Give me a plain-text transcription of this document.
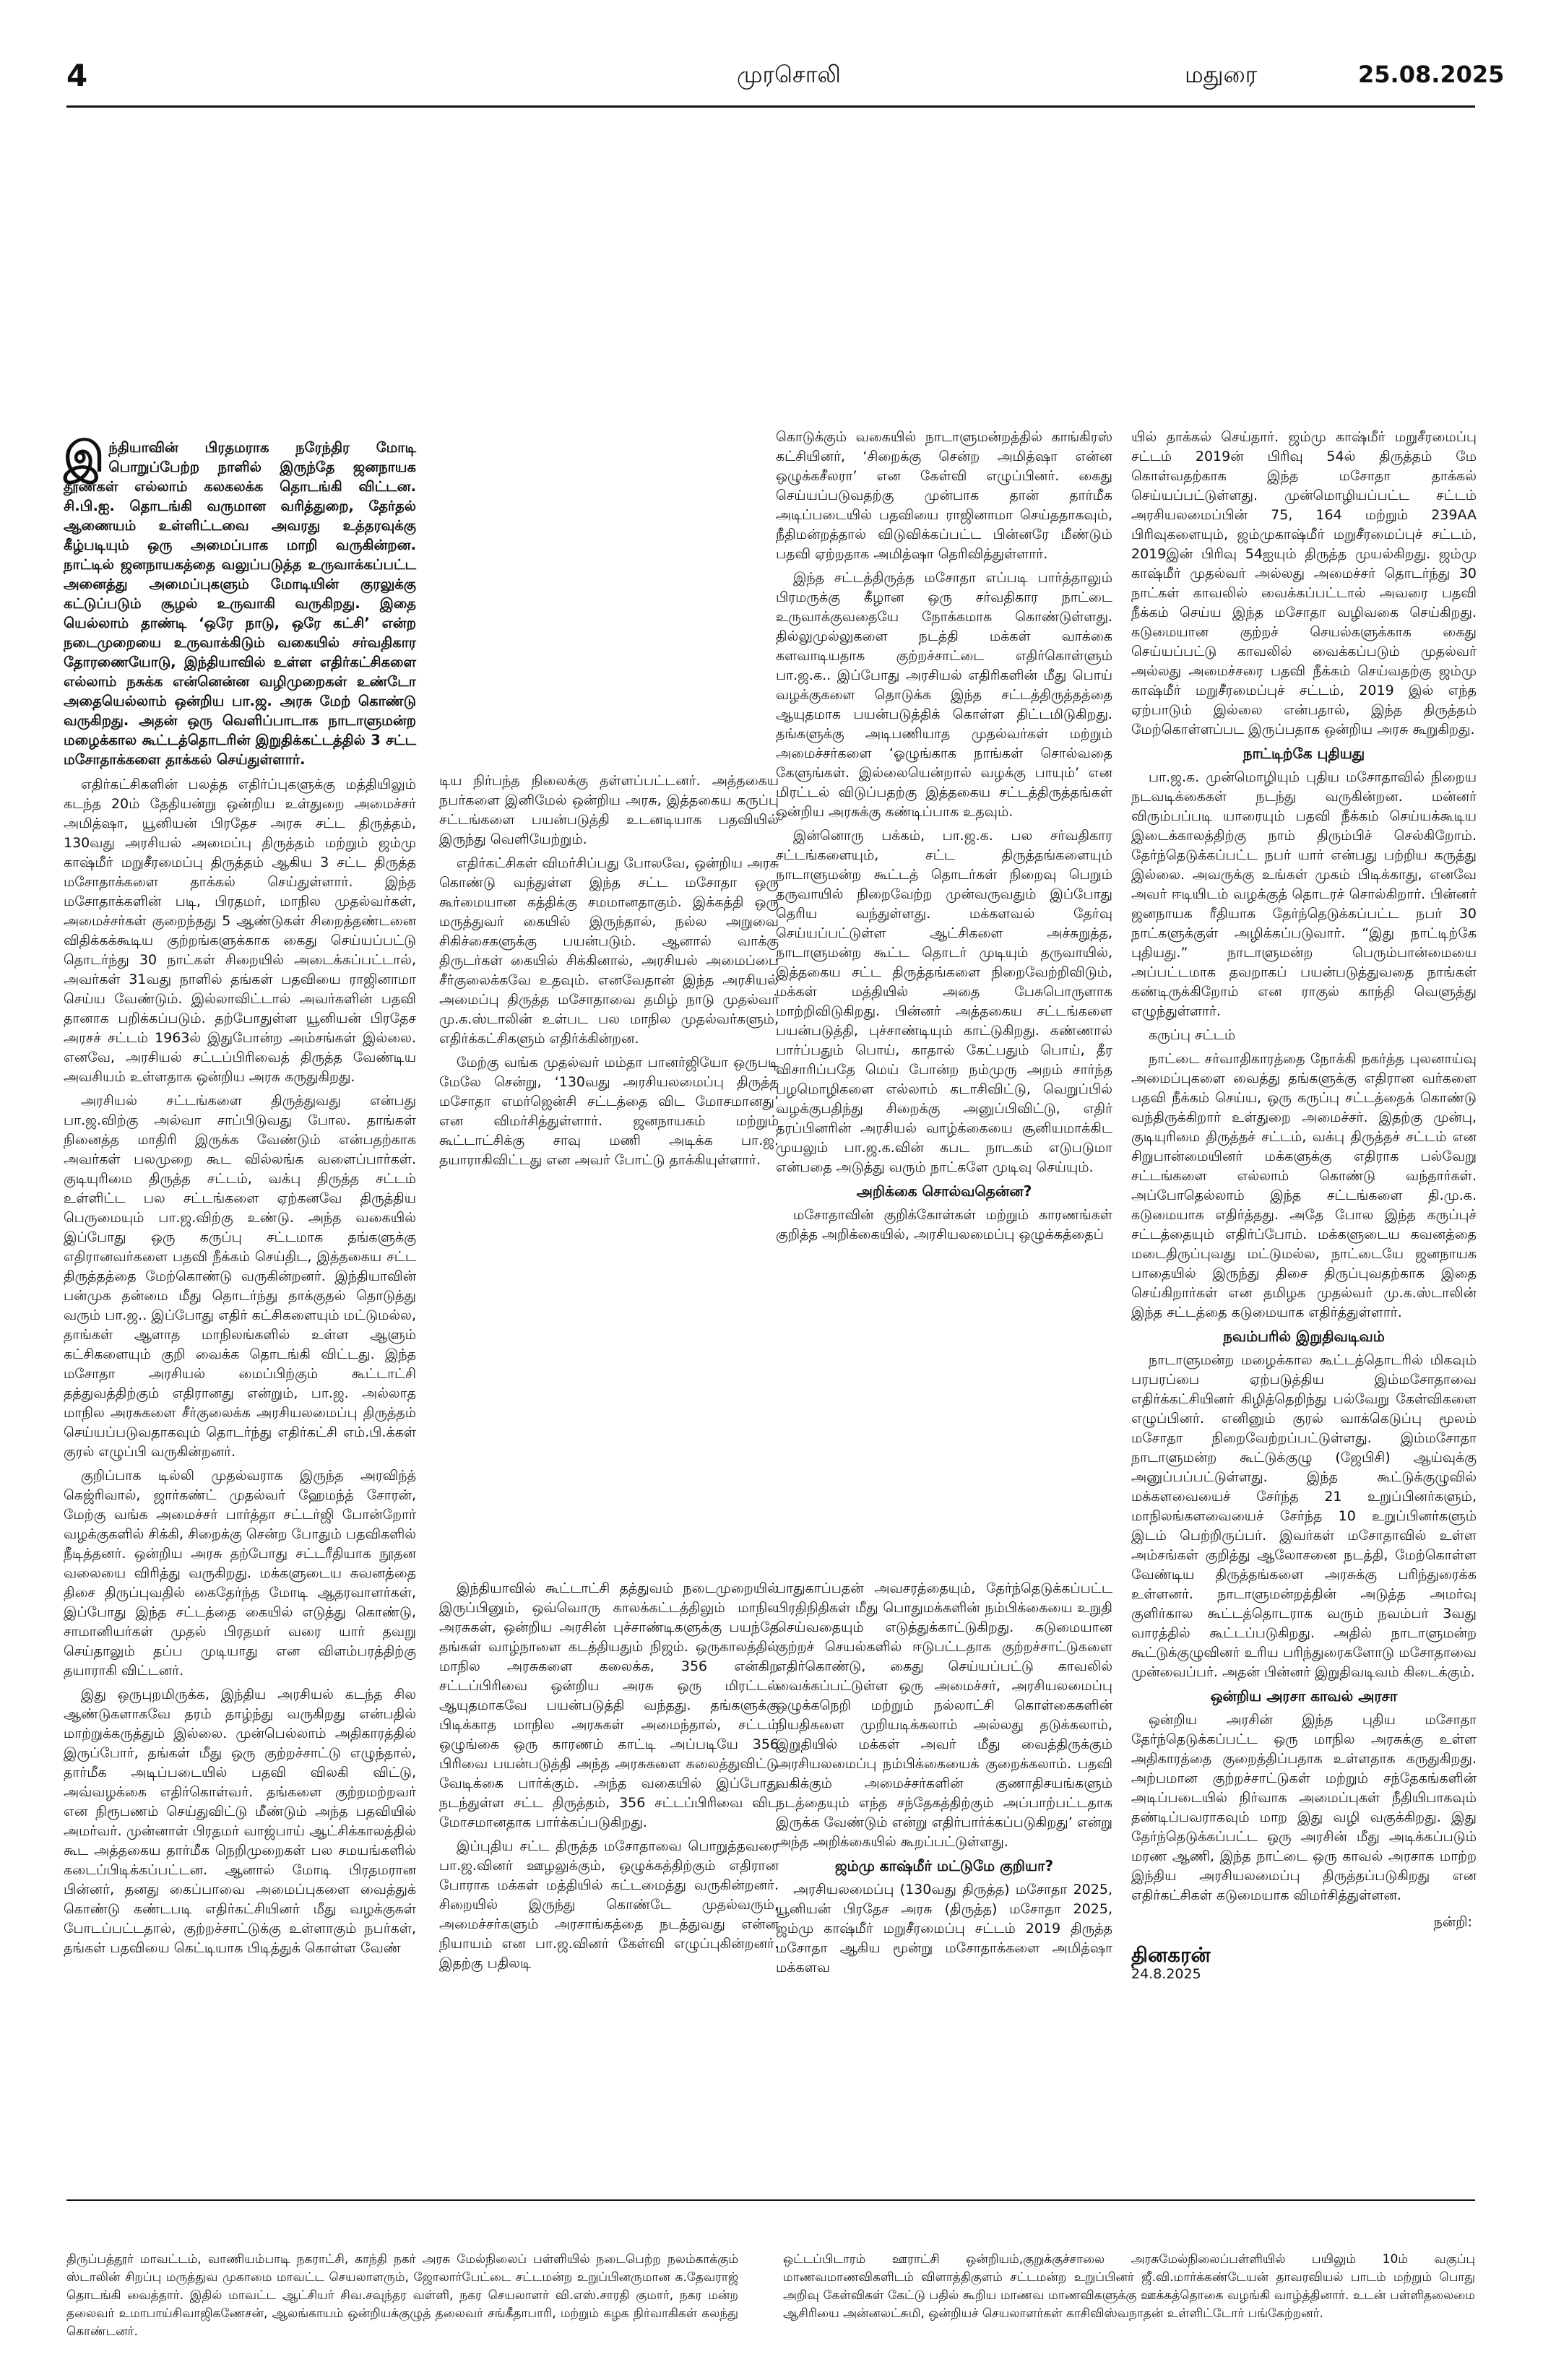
4	முரசொலி	மதுரை	25.08.2025
இந்தியாவின் பிரதமராக நரேந்திர மோடி பொறுப்பேற்ற நாளில் இருந்தே ஜனநாயக தூண்கள் எல்லாம் கலகலக்க தொடங்கி விட்டன. சி.பி.ஐ. தொடங்கி வருமான வரித்துறை, தேர்தல் ஆணையம் உள்ளிட்டவை அவரது உத்தரவுக்கு கீழ்படியும் ஒரு அமைப்பாக மாறி வருகின்றன. நாட்டில் ஜனநாயகத்தை வலுப்படுத்த உருவாக்கப்பட்ட அனைத்து அமைப்புகளும் மோடியின் குரலுக்கு கட்டுப்படும் சூழல் உருவாகி வருகிறது. இதை யெல்லாம் தாண்டி ‘ஒரே நாடு, ஒரே கட்சி’ என்ற நடைமுறையை உருவாக்கிடும் வகையில் சர்வதிகார தோரணையோடு, இந்தியாவில் உள்ள எதிர்கட்சிகளை எல்லாம் நசுக்க என்னென்ன வழிமுறைகள் உண்டோ அதையெல்லாம் ஒன்றிய பா.ஜ. அரசு மேற் கொண்டு வருகிறது. அதன் ஒரு வெளிப்பாடாக நாடாளுமன்ற மழைக்கால கூட்டத்தொடரின் இறுதிக்கட்டத்தில் 3 சட்ட மசோதாக்களை தாக்கல் செய்துள்ளார்.

எதிர்கட்சிகளின் பலத்த எதிர்ப்புகளுக்கு மத்தியிலும் கடந்த 20ம் தேதியன்று ஒன்றிய உள்துறை அமைச்சர் அமித்ஷா, யூனியன் பிரதேச அரசு சட்ட திருத்தம், 130வது அரசியல் அமைப்பு திருத்தம் மற்றும் ஜம்மு காஷ்மீர் மறுசீரமைப்பு திருத்தம் ஆகிய 3 சட்ட திருத்த மசோதாக்களை தாக்கல் செய்துள்ளார். இந்த மசோதாக்களின் படி, பிரதமர், மாநில முதல்வர்கள், அமைச்சர்கள் குறைந்தது 5 ஆண்டுகள் சிறைத்தண்டனை விதிக்கக்கூடிய குற்றங்களுக்காக கைது செய்யப்பட்டு தொடர்ந்து 30 நாட்கள் சிறையில் அடைக்கப்பட்டால், அவர்கள் 31வது நாளில் தங்கள் பதவியை ராஜினாமா செய்ய வேண்டும். இல்லாவிட்டால் அவர்களின் பதவி தானாக பறிக்கப்படும். தற்போதுள்ள யூனியன் பிரதேச அரசச் சட்டம் 1963ல் இதுபோன்ற அம்சங்கள் இல்லை. எனவே, அரசியல் சட்டப்பிரிவைத் திருத்த வேண்டிய அவசியம் உள்ளதாக ஒன்றிய அரசு கருதுகிறது.

அரசியல் சட்டங்களை திருத்துவது என்பது பா.ஜ.விற்கு அல்வா சாப்பிடுவது போல. தாங்கள் நினைத்த மாதிரி இருக்க வேண்டும் என்பதற்காக அவர்கள் பலமுறை கூட வில்லங்க வளைப்பார்கள். குடியுரிமை திருத்த சட்டம், வக்பு திருத்த சட்டம் உள்ளிட்ட பல சட்டங்களை ஏற்கனவே திருத்திய பெருமையும் பா.ஜ.விற்கு உண்டு. அந்த வகையில் இப்போது ஒரு கருப்பு சட்டமாக தங்களுக்கு எதிரானவர்களை பதவி நீக்கம் செய்திட, இத்தகைய சட்ட திருத்தத்தை மேற்கொண்டு வருகின்றனர். இந்தியாவின் பன்முக தன்மை மீது தொடர்ந்து தாக்குதல் தொடுத்து வரும் பா.ஜ.. இப்போது எதிர் கட்சிகளையும் மட்டுமல்ல, தாங்கள் ஆளாத மாநிலங்களில் உள்ள ஆளும் கட்சிகளையும் குறி வைக்க தொடங்கி விட்டது. இந்த மசோதா அரசியல் மைப்பிற்கும் கூட்டாட்சி தத்துவத்திற்கும் எதிரானது என்றும், பா.ஜ. அல்லாத மாநில அரசுகளை சீர்குலைக்க அரசியலமைப்பு திருத்தம் செய்யப்படுவதாகவும் தொடர்ந்து எதிர்கட்சி எம்.பி.க்கள் குரல் எழுப்பி வருகின்றனர்.

குறிப்பாக டில்லி முதல்வராக இருந்த அரவிந்த் கெஜ்ரிவால், ஜார்கண்ட் முதல்வர் ஹேமந்த் சோரன், மேற்கு வங்க அமைச்சர் பார்த்தா சட்டர்ஜி போன்றோர் வழக்குகளில் சிக்கி, சிறைக்கு சென்ற போதும் பதவிகளில் நீடித்தனர். ஒன்றிய அரசு தற்போது சட்டரீதியாக நூதன வலையை விரித்து வருகிறது. மக்களுடைய கவனத்தை திசை திருப்புவதில் கைதேர்ந்த மோடி ஆதரவாளர்கள், இப்போது இந்த சட்டத்தை கையில் எடுத்து கொண்டு, சாமானியர்கள் முதல் பிரதமர் வரை யார் தவறு செய்தாலும் தப்ப முடியாது என விளம்பரத்திற்கு தயாராகி விட்டனர்.

இது ஒருபுறமிருக்க, இந்திய அரசியல் கடந்த சில ஆண்டுகளாகவே தரம் தாழ்ந்து வருகிறது என்பதில் மாற்றுக்கருத்தும் இல்லை. முன்பெல்லாம் அதிகாரத்தில் இருப்போர், தங்கள் மீது ஒரு குற்றச்சாட்டு எழுந்தால், தார்மீக அடிப்படையில் பதவி விலகி விட்டு, அவ்வழக்கை எதிர்கொள்வர். தங்களை குற்றமற்றவர் என நிரூபணம் செய்துவிட்டு மீண்டும் அந்த பதவியில் அமர்வர். முன்னாள் பிரதமர் வாஜ்பாய் ஆட்சிக்காலத்தில் கூட அத்தகைய தார்மீக நெறிமுறைகள் பல சமயங்களில் கடைப்பிடிக்கப்பட்டன. ஆனால் மோடி பிரதமரான பின்னர், தனது கைப்பாவை அமைப்புகளை வைத்துக் கொண்டு கண்டபடி எதிர்கட்சியினர் மீது வழக்குகள் போடப்பட்டதால், குற்றச்சாட்டுக்கு உள்ளாகும் நபர்கள், தங்கள் பதவியை கெட்டியாக பிடித்துக் கொள்ள வேண்

டிய நிர்பந்த நிலைக்கு தள்ளப்பட்டனர். அத்தகைய நபர்களை இனிமேல் ஒன்றிய அரசு, இத்தகைய கருப்பு சட்டங்களை பயன்படுத்தி உடனடியாக பதவியில் இருந்து வெளியேற்றும்.

எதிர்கட்சிகள் விமர்சிப்பது போலவே, ஒன்றிய அரசு கொண்டு வந்துள்ள இந்த சட்ட மசோதா ஒரு கூர்மையான கத்திக்கு சமமானதாகும். இக்கத்தி ஒரு மருத்துவர் கையில் இருந்தால், நல்ல அறுவை சிகிச்சைகளுக்கு பயன்படும். ஆனால் வாக்கு திருடர்கள் கையில் சிக்கினால், அரசியல் அமைப்பை சீர்குலைக்கவே உதவும். எனவேதான் இந்த அரசியல் அமைப்பு திருத்த மசோதாவை தமிழ் நாடு முதல்வர் மு.க.ஸ்டாலின் உள்பட பல மாநில முதல்வர்களும், எதிர்க்கட்சிகளும் எதிர்க்கின்றன.

மேற்கு வங்க முதல்வர் மம்தா பானர்ஜியோ ஒருபடி மேலே சென்று, ‘130வது அரசியலமைப்பு திருத்த மசோதா எமர்ஜென்சி சட்டத்தை விட மோசமானது’ என விமர்சித்துள்ளார். ஜனநாயகம் மற்றும் கூட்டாட்சிக்கு சாவு மணி அடிக்க பா.ஜ. தயாராகிவிட்டது என அவர் போட்டு தாக்கியுள்ளார்.

இந்தியாவில் கூட்டாட்சி தத்துவம் நடைமுறையில் இருப்பினும், ஒவ்வொரு காலக்கட்டத்திலும் மாநில அரசுகள், ஒன்றிய அரசின் புச்சாண்டிகளுக்கு பயந்தே தங்கள் வாழ்நாளை கடத்தியதும் நிஜம். ஒருகாலத்தில் மாநில அரசுகளை கலைக்க, 356 என்கிற சட்டப்பிரிவை ஒன்றிய அரசு ஒரு மிரட்டல் ஆயுதமாகவே பயன்படுத்தி வந்தது. தங்களுக்கு பிடிக்காத மாநில அரசுகள் அமைந்தால், சட்டம் ஒழுங்கை ஒரு காரணம் காட்டி அப்படியே 356 பிரிவை பயன்படுத்தி அந்த அரசுகளை கலைத்துவிட்டு வேடிக்கை பார்க்கும். அந்த வகையில் இப்போது நடந்துள்ள சட்ட திருத்தம், 356 சட்டப்பிரிவை விட மோசமானதாக பார்க்கப்படுகிறது.

இப்புதிய சட்ட திருத்த மசோதாவை பொறுத்தவரை பா.ஜ.வினர் ஊழலுக்கும், ஒழுக்கத்திற்கும் எதிரான போராக மக்கள் மத்தியில் கட்டமைத்து வருகின்றனர். சிறையில் இருந்து கொண்டே முதல்வரும், அமைச்சர்களும் அரசாங்கத்தை நடத்துவது என்ன நியாயம் என பா.ஜ.வினர் கேள்வி எழுப்புகின்றனர். இதற்கு பதிலடி

கொடுக்கும் வகையில் நாடாளுமன்றத்தில் காங்கிரஸ் கட்சியினர், ‘சிறைக்கு சென்ற அமித்ஷா என்ன ஒழுக்கசீலரா’ என கேள்வி எழுப்பினர். கைது செய்யப்படுவதற்கு முன்பாக தான் தார்மீக அடிப்படையில் பதவியை ராஜினாமா செய்ததாகவும், நீதிமன்றத்தால் விடுவிக்கப்பட்ட பின்னரே மீண்டும் பதவி ஏற்றதாக அமித்ஷா தெரிவித்துள்ளார்.

இந்த சட்டத்திருத்த மசோதா எப்படி பார்த்தாலும் பிரமருக்கு கீழான ஒரு சர்வதிகார நாட்டை உருவாக்குவதையே நோக்கமாக கொண்டுள்ளது. தில்லுமுல்லுகளை நடத்தி மக்கள் வாக்கை களவாடியதாக குற்றச்சாட்டை எதிர்கொள்ளும் பா.ஜ.க.. இப்போது அரசியல் எதிரிகளின் மீது பொய் வழக்குகளை தொடுக்க இந்த சட்டத்திருத்தத்தை ஆயுதமாக பயன்படுத்திக் கொள்ள திட்டமிடுகிறது. தங்களுக்கு அடிபணியாத முதல்வர்கள் மற்றும் அமைச்சர்களை ‘ஓழுங்காக நாங்கள் சொல்வதை கேளுங்கள். இல்லையென்றால் வழக்கு பாயும்’ என மிரட்டல் விடுப்பதற்கு இத்தகைய சட்டத்திருத்தங்கள் ஒன்றிய அரசுக்கு கண்டிப்பாக உதவும்.

இன்னொரு பக்கம், பா.ஜ.க. பல சர்வதிகார சட்டங்களையும், சட்ட திருத்தங்களையும் நாடாளுமன்ற கூட்டத் தொடர்கள் நிறைவு பெறும் தருவாயில் நிறைவேற்ற முன்வருவதும் இப்போது தெரிய வந்துள்ளது. மக்களவல் தேர்வு செய்யப்பட்டுள்ள ஆட்சிகளை அச்சுறுத்த, நாடாளுமன்ற கூட்ட தொடர் முடியும் தருவாயில், இத்தகைய சட்ட திருத்தங்களை நிறைவேற்றிவிடும், மக்கள் மத்தியில் அதை பேசுபொருளாக மாற்றிவிடுகிறது. பின்னர் அத்தகைய சட்டங்களை பயன்படுத்தி, புச்சாண்டியும் காட்டுகிறது. கண்ணால் பார்ப்பதும் பொய், காதால் கேட்பதும் பொய், தீர விசாரிப்பதே மெய் போன்ற நம்முரு அறம் சார்ந்த பழமொழிகளை எல்லாம் கடாசிவிட்டு, வெறுப்பில் வழக்குபதிந்து சிறைக்கு அனுப்பிவிட்டு, எதிர் தரப்பினரின் அரசியல் வாழ்க்கையை சூனியமாக்கிட முயலும் பா.ஜ.க.வின் கபட நாடகம் எடுபடுமா என்பதை அடுத்து வரும் நாட்களே முடிவு செய்யும்.

அறிக்கை சொல்வதென்ன?

மசோதாவின் குறிக்கோள்கள் மற்றும் காரணங்கள் குறித்த அறிக்கையில், அரசியலமைப்பு ஒழுக்கத்தைப்

பாதுகாப்பதன் அவசரத்தையும், தேர்ந்தெடுக்கப்பட்ட பிரதிநிதிகள் மீது பொதுமக்களின் நம்பிக்கையை உறுதி செய்வதையும் எடுத்துக்காட்டுகிறது. கடுமையான குற்றச் செயல்களில் ஈடுபட்டதாக குற்றச்சாட்டுகளை எதிர்கொண்டு, கைது செய்யப்பட்டு காவலில் வைக்கப்பட்டுள்ள ஒரு அமைச்சர், அரசியலமைப்பு ஒழுக்கநெறி மற்றும் நல்லாட்சி கொள்கைகளின் நியதிகளை முறியடிக்கலாம் அல்லது தடுக்கலாம், இறுதியில் மக்கள் அவர் மீது வைத்திருக்கும் அரசியலமைப்பு நம்பிக்கையைக் குறைக்கலாம். பதவி வகிக்கும் அமைச்சர்களின் குணாதிசயங்களும் நடத்தையும் எந்த சந்தேகத்திற்கும் அப்பாற்பட்டதாக இருக்க வேண்டும் என்று எதிர்பார்க்கப்படுகிறது’ என்று அந்த அறிக்கையில் கூறப்பட்டுள்ளது.

ஜம்மு காஷ்மீர் மட்டுமே குறியா?

அரசியலமைப்பு (130வது திருத்த) மசோதா 2025, யூனியன் பிரதேச அரசு (திருத்த) மசோதா 2025, ஜம்மு காஷ்மீர் மறுசீரமைப்பு சட்டம் 2019 திருத்த மசோதா ஆகிய மூன்று மசோதாக்களை அமித்ஷா மக்களவ

யில் தாக்கல் செய்தார். ஜம்மு காஷ்மீர் மறுசீரமைப்பு சட்டம் 2019ன் பிரிவு 54ல் திருத்தம் மே கொள்வதற்காக இந்த மசோதா தாக்கல் செய்யப்பட்டுள்ளது. முன்மொழியப்பட்ட சட்டம் அரசியலமைப்பின் 75, 164 மற்றும் 239AA பிரிவுகளையும், ஜம்முகாஷ்மீர் மறுசீரமைப்புச் சட்டம், 2019இன் பிரிவு 54ஐயும் திருத்த முயல்கிறது. ஜம்மு காஷ்மீர் முதல்வர் அல்லது அமைச்சர் தொடர்ந்து 30 நாட்கள் காவலில் வைக்கப்பட்டால் அவரை பதவி நீக்கம் செய்ய இந்த மசோதா வழிவகை செய்கிறது. கடுமையான குற்றச் செயல்களுக்காக கைது செய்யப்பட்டு காவலில் வைக்கப்படும் முதல்வர் அல்லது அமைச்சரை பதவி நீக்கம் செய்வதற்கு ஜம்மு காஷ்மீர் மறுசீரமைப்புச் சட்டம், 2019 இல் எந்த ஏற்பாடும் இல்லை என்பதால், இந்த திருத்தம் மேற்கொள்ளப்பட இருப்பதாக ஒன்றிய அரசு கூறுகிறது.

நாட்டிற்கே புதியது

பா.ஜ.க. முன்மொழியும் புதிய மசோதாவில் நிறைய நடவடிக்கைகள் நடந்து வருகின்றன. மன்னர் விரும்பப்படி யாரையும் பதவி நீக்கம் செய்யக்கூடிய இடைக்காலத்திற்கு நாம் திரும்பிச் செல்கிறோம். தேர்ந்தெடுக்கப்பட்ட நபர் யார் என்பது பற்றிய கருத்து இல்லை. அவருக்கு உங்கள் முகம் பிடிக்காது, எனவே அவர் ஈடியிடம் வழக்குத் தொடரச் சொல்கிறார். பின்னர் ஜனநாயக ரீதியாக தேர்ந்தெடுக்கப்பட்ட நபர் 30 நாட்களுக்குள் அழிக்கப்படுவார். “இது நாட்டிற்கே புதியது.” நாடாளுமன்ற பெரும்பான்மையை அப்பட்டமாக தவறாகப் பயன்படுத்துவதை நாங்கள் கண்டிருக்கிறோம் என ராகுல் காந்தி வெளுத்து எழுந்துள்ளார்.

கருப்பு சட்டம்

நாட்டை சர்வாதிகாரத்தை நோக்கி நகர்த்த புலனாய்வு அமைப்புகளை வைத்து தங்களுக்கு எதிரான வர்களை பதவி நீக்கம் செய்ய, ஒரு கருப்பு சட்டத்தைக் கொண்டு வந்திருக்கிறார் உள்துறை அமைச்சர். இதற்கு முன்பு, குடியுரிமை திருத்தச் சட்டம், வக்பு திருத்தச் சட்டம் என சிறுபான்மையினர் மக்களுக்கு எதிராக பல்வேறு சட்டங்களை எல்லாம் கொண்டு வந்தார்கள். அப்போதெல்லாம் இந்த சட்டங்களை தி.மு.க. கடுமையாக எதிர்த்தது. அதே போல இந்த கருப்புச் சட்டத்தையும் எதிர்ப்போம். மக்களுடைய கவனத்தை மடைதிருப்புவது மட்டுமல்ல, நாட்டையே ஜனநாயக பாதையில் இருந்து திசை திருப்புவதற்காக இதை செய்கிறார்கள் என தமிழக முதல்வர் மு.க.ஸ்டாலின் இந்த சட்டத்தை கடுமையாக எதிர்த்துள்ளார்.

நவம்பரில் இறுதிவடிவம்

நாடாளுமன்ற மழைக்கால கூட்டத்தொடரில் மிகவும் பரபரப்பை ஏற்படுத்திய இம்மசோதாவை எதிர்க்கட்சியினர் கிழித்தெறிந்து பல்வேறு கேள்விகளை எழுப்பினர். எனினும் குரல் வாக்கெடுப்பு மூலம் மசோதா நிறைவேற்றப்பட்டுள்ளது. இம்மசோதா நாடாளுமன்ற கூட்டுக்குழு (ஜேபிசி) ஆய்வுக்கு அனுப்பப்பட்டுள்ளது. இந்த கூட்டுக்குழுவில் மக்களவையைச் சேர்ந்த 21 உறுப்பினர்களும், மாநிலங்களவையைச் சேர்ந்த 10 உறுப்பினர்களும் இடம் பெற்றிருப்பர். இவர்கள் மசோதாவில் உள்ள அம்சங்கள் குறித்து ஆலோசனை நடத்தி, மேற்கொள்ள வேண்டிய திருத்தங்களை அரசுக்கு பரிந்துரைக்க உள்ளனர். நாடாளுமன்றத்தின் அடுத்த அமர்வு குளிர்கால கூட்டத்தொடராக வரும் நவம்பர் 3வது வாரத்தில் கூட்டப்படுகிறது. அதில் நாடாளுமன்ற கூட்டுக்குழுவினர் உரிய பரிந்துரைகளோடு மசோதாவை முன்வைப்பர். அதன் பின்னர் இறுதிவடிவம் கிடைக்கும்.

ஒன்றிய அரசா காவல் அரசா

ஒன்றிய அரசின் இந்த புதிய மசோதா தேர்ந்தெடுக்கப்பட்ட ஒரு மாநில அரசுக்கு உள்ள அதிகாரத்தை குறைத்திப்பதாக உள்ளதாக கருதுகிறது. அற்பமான குற்றச்சாட்டுகள் மற்றும் சந்தேகங்களின் அடிப்படையில் நிர்வாக அமைப்புகள் நீதியிபாகவும் தண்டிப்பவராகவும் மாற இது வழி வகுக்கிறது. இது தேர்ந்தெடுக்கப்பட்ட ஒரு அரசின் மீது அடிக்கப்படும் மரண ஆணி, இந்த நாட்டை ஒரு காவல் அரசாக மாற்ற இந்திய அரசியலமைப்பு திருத்தப்படுகிறது என எதிர்கட்சிகள் கடுமையாக விமர்சித்துள்ளன.

நன்றி:
தினகரன்
24.8.2025
திருப்பத்தூர் மாவட்டம், வாணியம்பாடி நகராட்சி, காந்தி நகர் அரசு மேல்நிலைப் பள்ளியில் நடைபெற்ற நலம்காக்கும் ஸ்டாலின் சிறப்பு மருத்துவ முகாமை மாவட்ட செயலாளரும், ஜோலார்பேட்டை சட்டமன்ற உறுப்பினருமான க.தேவராஜ் தொடங்கி வைத்தார். இதில் மாவட்ட ஆட்சியர் சிவ.சவுந்தர வள்ளி, நகர செயலாளர் வி.எஸ்.சாரதி குமார், நகர மன்ற தலைவர் உமாபாய்சிவாஜிகணேசன், ஆலங்காயம் ஒன்றியக்குழுத் தலைவர் சங்கீதாபாரி, மற்றும் கழக நிர்வாகிகள் கலந்து கொண்டனர்.
ஒட்டப்பிடாரம் ஊராட்சி ஒன்றியம்,குறுக்குச்சாலை அரசுமேல்நிலைப்பள்ளியில் பயிலும் 10ம் வகுப்பு மாணவமாணவிகளிடம் விளாத்திகுளம் சட்டமன்ற உறுப்பினர் ஜீ.வி.மார்க்கண்டேயன் தாவரவியல் பாடம் மற்றும் பொது அறிவு கேள்விகள் கேட்டு பதில் கூறிய மாணவ மாணவிகளுக்கு ஊக்கத்தொகை வழங்கி வாழ்த்தினார். உடன் பள்ளிதலைமை ஆசிரியை அன்னலட்சுமி, ஒன்றியச் செயலாளர்கள் காசிவிஸ்வநாதன் உள்ளிட்டோர் பங்கேற்றனர்.
